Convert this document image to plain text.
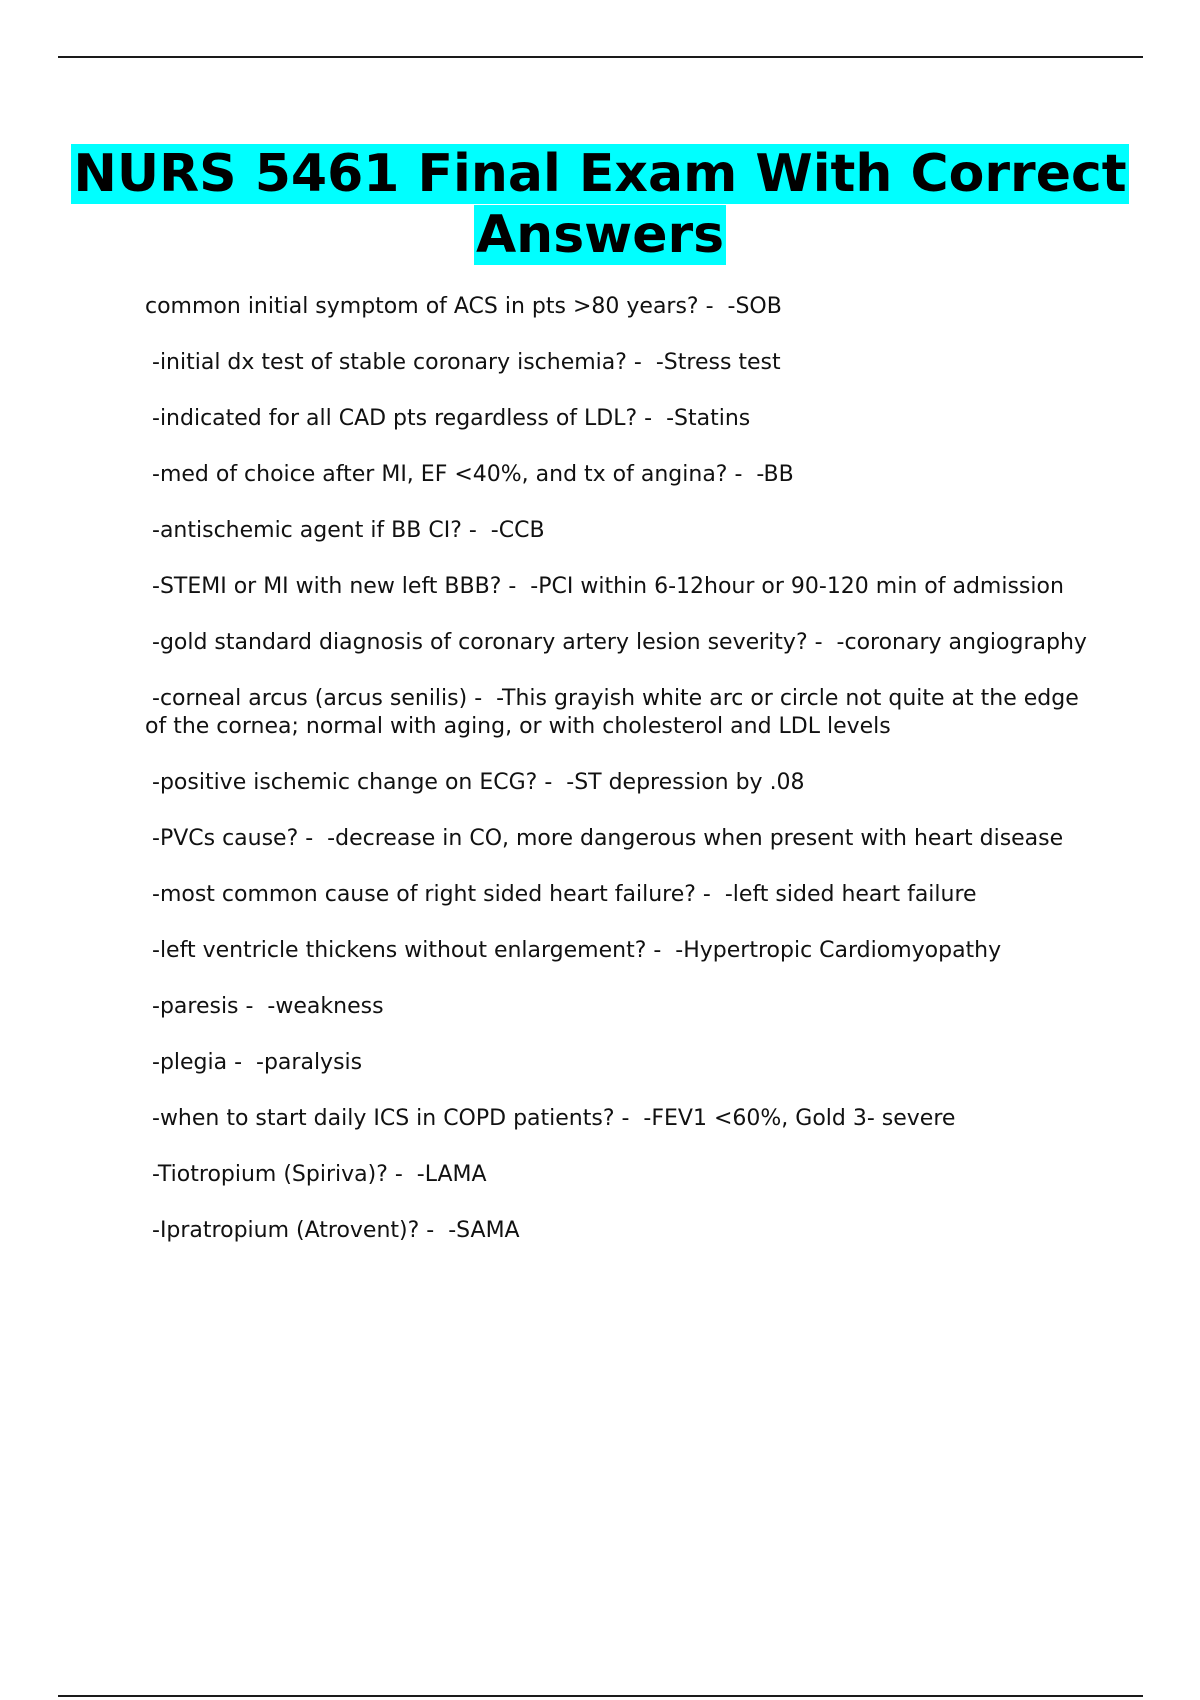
NURS 5461 Final Exam With Correct Answers

common initial symptom of ACS in pts >80 years? -  -SOB

-initial dx test of stable coronary ischemia? -  -Stress test

-indicated for all CAD pts regardless of LDL? -  -Statins

-med of choice after MI, EF <40%, and tx of angina? -  -BB

-antischemic agent if BB CI? -  -CCB

-STEMI or MI with new left BBB? -  -PCI within 6-12hour or 90-120 min of admission

-gold standard diagnosis of coronary artery lesion severity? -  -coronary angiography

-corneal arcus (arcus senilis) -  -This grayish white arc or circle not quite at the edge of the cornea; normal with aging, or with cholesterol and LDL levels

-positive ischemic change on ECG? -  -ST depression by .08

-PVCs cause? -  -decrease in CO, more dangerous when present with heart disease

-most common cause of right sided heart failure? -  -left sided heart failure

-left ventricle thickens without enlargement? -  -Hypertropic Cardiomyopathy

-paresis -  -weakness

-plegia -  -paralysis

-when to start daily ICS in COPD patients? -  -FEV1 <60%, Gold 3- severe

-Tiotropium (Spiriva)? -  -LAMA

-Ipratropium (Atrovent)? -  -SAMA
